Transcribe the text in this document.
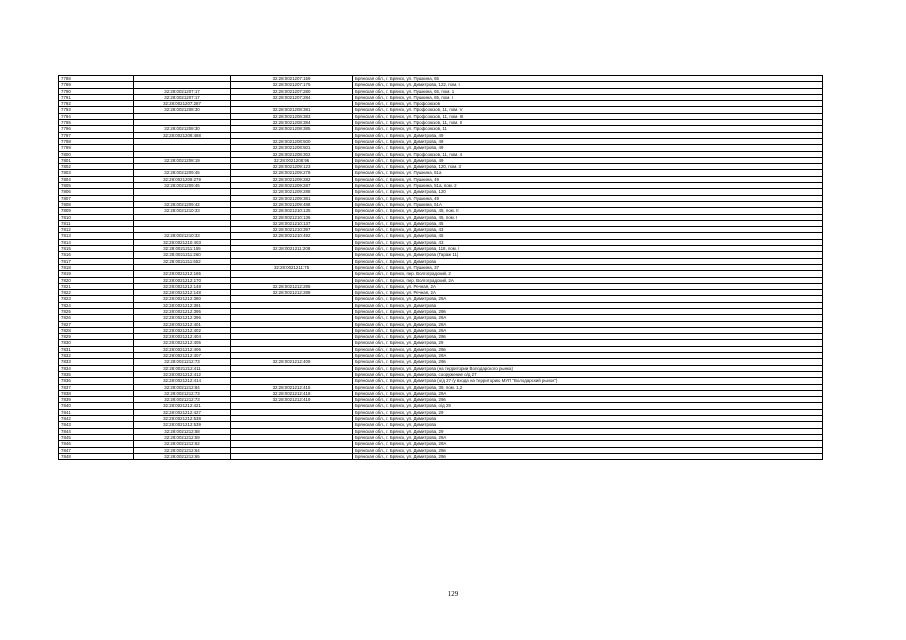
7788		32:28:0021207:159	Брянская обл., г. Брянск, ул. Пушкина, 65
7789		32:28:0021207:175	Брянская обл., г. Брянск, ул. Димитрова, 122, пом. I
7790	32:28:0021207:17	32:28:0021207:280	Брянская обл., г. Брянск, ул. Пушкина, 65, пом. 1
7791	32:28:0021207:17	32:28:0021207:284	Брянская обл., г. Брянск, ул. Пушкина, 65, пом. I
7792	32:28:0021207:287		Брянская обл., г. Брянск, ул. Профсоюзов
7793	32:28:0021208:30	32:28:0021208:381	Брянская обл., г. Брянск, ул. Профсоюзов, 11, пом. V
7794		32:28:0021208:383	Брянская обл., г. Брянск, ул. Профсоюзов, 11, пом. III
7795		32:28:0021208:384	Брянская обл., г. Брянск, ул. Профсоюзов, 11, пом. II
7796	32:28:0021208:30	32:28:0021208:385	Брянская обл., г. Брянск, ул. Профсоюзов, 11
7797	32:28:0021208:488		Брянская обл., г. Брянск, ул. Димитрова, 49
7798		32:28:0021208:500	Брянская обл., г. Брянск, ул. Димитрова, 49
7799		32:28:0021208:501	Брянская обл., г. Брянск, ул. Димитрова, 49
7800		32:28:0021208:302	Брянская обл., г. Брянск, ул. Профсоюзов, 11, пом. 4
7801	32:28:0021208:19	32:28:0021208:96	Брянская обл., г. Брянск, ул. Димитрова, 49
7802		32:28:0021209:123	Брянская обл., г. Брянск, ул. Димитрова, 120, пом. 3
7803	32:28:0021209:45	32:28:0021209:278	Брянская обл., г. Брянск, ул. Пушкина, 51а
7804	32:28:0021209:279	32:28:0021209:282	Брянская обл., г. Брянск, ул. Пушкина, 49
7805	32:28:0021209:45	32:28:0021209:287	Брянская обл., г. Брянск, ул. Пушкина, 51а, пом. 2
7806		32:28:0021209:288	Брянская обл., г. Брянск, ул. Димитрова, 120
7807		32:28:0021209:381	Брянская обл., г. Брянск, ул. Пушкина, 49
7808	32:28:0021209:42	32:28:0021209:488	Брянская обл., г. Брянск, ул. Пушкина, 51А
7809	32:28:0021210:33	32:28:0021210:135	Брянская обл., г. Брянск, ул. Димитрова, 45, пом. II
7810		32:28:0021210:136	Брянская обл., г. Брянск, ул. Димитрова, 45, пом. I
7811		32:28:0021210:137	Брянская обл., г. Брянск, ул. Димитрова, 45
7812		32:28:0021210:397	Брянская обл., г. Брянск, ул. Димитрова, 43
7813	32:28:0021210:33	32:28:0021210:492	Брянская обл., г. Брянск, ул. Димитрова, 45
7814	32:28:0021210:403		Брянская обл., г. Брянск, ул. Димитрова, 43
7815	32:28:0021211:155	32:28:0021211:208	Брянская обл., г. Брянск, ул. Димитрова, 118, пом. I
7816	32:28:0021211:260		Брянская обл., г. Брянск, ул. Димитрова (Гараж 11)
7817	32:28:0021211:652		Брянская обл., г. Брянск, ул. Димитрова
7818		32:28:0021211:75	Брянская обл., г. Брянск, ул. Пушкина, 37
7819	32:28:0021212:165		Брянская обл., г. Брянск, пер. Волгоградский, 2
7820	32:28:0021212:170		Брянская обл., г. Брянск, пер. Волгоградский, 2А
7821	32:28:0021212:148	32:28:0021212:285	Брянская обл., г. Брянск, ул. Речная, 2А
7822	32:28:0021212:148	32:28:0021212:288	Брянская обл., г. Брянск, ул. Речная, 2А
7823	32:28:0021212:380		Брянская обл., г. Брянск, ул. Димитрова, 29А
7824	32:28:0021212:391		Брянская обл., г. Брянск, ул. Димитрова
7825	32:28:0021212:395		Брянская обл., г. Брянск, ул. Димитрова, 29в
7826	32:28:0021212:396		Брянская обл., г. Брянск, ул. Димитрова, 29А
7827	32:28:0021212:401		Брянская обл., г. Брянск, ул. Димитрова, 29А
7828	32:28:0021212:402		Брянская обл., г. Брянск, ул. Димитрова, 29А
7829	32:28:0021212:404		Брянская обл., г. Брянск, ул. Димитрова, 29в
7830	32:28:0021212:405		Брянская обл., г. Брянск, ул. Димитрова, 29
7831	32:28:0021212:406		Брянская обл., г. Брянск, ул. Димитрова, 29в
7832	32:28:0021212:407		Брянская обл., г. Брянск, ул. Димитрова, 29А
7833	32:28:0021212:73	32:28:0021212:408	Брянская обл., г. Брянск, ул. Димитрова, 29в
7834	32:28:0021212:411		Брянская обл., г. Брянск, ул. Димитрова (на территории Володарского рынка)
7835	32:28:0021212:412		Брянская обл., г. Брянск, ул. Димитрова, сооружение о/д 27
7836	32:28:0021212:414		Брянская обл., г. Брянск, ул. Димитрова (о/д 27 /у входа на территорию МУП "Володарский рынок")
7837	32:28:0021212:84	32:28:0021212:415	Брянская обл., г. Брянск, ул. Димитрова, 39, пом. 1,2
7838	32:28:0021212:73	32:28:0021212:418	Брянская обл., г. Брянск, ул. Димитрова, 29А
7839	32:28:0021212:73	32:28:0021212:419	Брянская обл., г. Брянск, ул. Димитрова, 29в
7840	32:28:0021212:421		Брянская обл., г. Брянск, ул. Димитрова, о/д 29
7841	32:28:0021212:427		Брянская обл., г. Брянск, ул. Димитрова, 29
7842	32:28:0021212:538		Брянская обл., г. Брянск, ул. Димитрова
7843	32:28:0021212:539		Брянская обл., г. Брянск, ул. Димитрова
7844	32:28:0021212:58		Брянская обл., г. Брянск, ул. Димитрова, 29
7845	32:28:0021212:59		Брянская обл., г. Брянск, ул. Димитрова, 29А
7846	32:28:0021212:62		Брянская обл., г. Брянск, ул. Димитрова, 29А
7847	32:28:0021212:64		Брянская обл., г. Брянск, ул. Димитрова, 29в
7848	32:28:0021212:65		Брянская обл., г. Брянск, ул. Димитрова, 29в
129
